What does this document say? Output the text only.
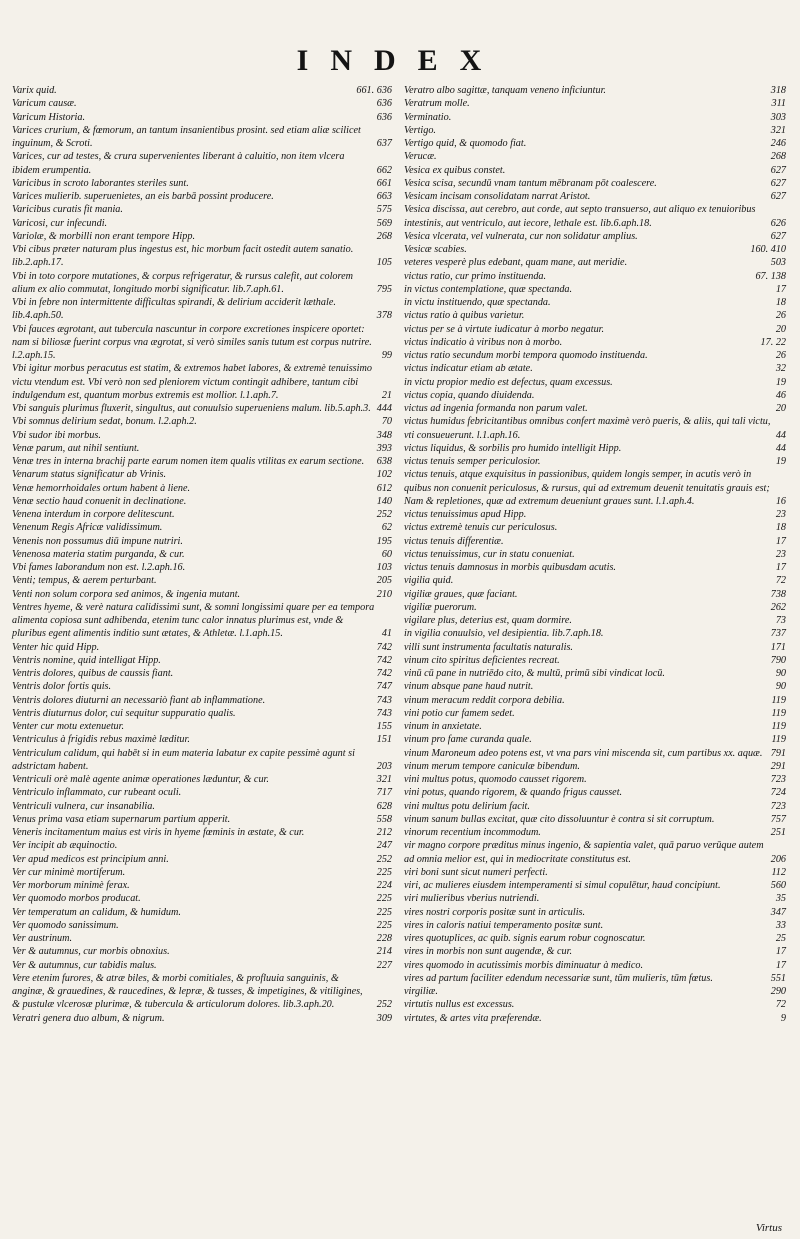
INDEX
Varix quid.	661. 636
Varicum causæ.	636
Varicum Historia.	636
Varices crurium, & fœmorum, an tantum insanientibus prosint. sed etiam aliæ scilicet inguinum, & Scroti.	637
Varices, cur ad testes, & crura supervenientes liberant à caluitio, non item vlcera ibidem erumpentia.	662
Varicibus in scroto laborantes steriles sunt.	661
Varices mulierib. superuenietes, an eis barbā possint producere.	663
Varicibus curatis fit mania.	575
Varicosi, cur infecundi.	569
Variolæ, & morbilli non erant tempore Hipp.	268
Vbi cibus præter naturam plus ingestus est, hic morbum facit ostedit autem sanatio. lib.2.aph.17.	105
Vbi in toto corpore mutationes, & corpus refrigeratur, & rursus calefit, aut colorem alium ex alio commutat, longitudo morbi significatur. lib.7.aph.61.	795
Vbi in febre non intermittente difficultas spirandi, & delirium acciderit læthale. lib.4.aph.50.	378
Vbi fauces ægrotant, aut tubercula nascuntur in corpore excretiones inspicere oportet: nam si biliosæ fuerint corpus vna ægrotat, si verò similes sanis tutum est corpus nutrire. l.2.aph.15.	99
Vbi igitur morbus peracutus est statim, & extremos habet labores, & extremè tenuissimo victu vtendum est. Vbi verò non sed pleniorem victum contingit adhibere, tantum cibi indulgendum est, quantum morbus extremis est mollior. l.1.aph.7.	21
Vbi sanguis plurimus fluxerit, singultus, aut conuulsio superueniens malum. lib.5.aph.3. 444
Vbi somnus delirium sedat, bonum. l.2.aph.2.	70
Vbi sudor ibi morbus.	348
Venæ parum, aut nihil sentiunt.	393
Venæ tres in interna brachij parte earum nomen item qualis vtilitas ex earum sectione.	638
Venarum status significatur ab Vrinis.	102
Venæ hemorrhoidales ortum habent à liene.	612
Venæ sectio haud conuenit in declinatione.	140
Venena interdum in corpore delitescunt.	252
Venenum Regis Africæ validissimum.	62
Venenis non possumus diū impune nutriri.	195
Venenosa materia statim purganda, & cur.	60
Vbi fames laborandum non est. l.2.aph.16.	103
Venti; tempus, & aerem perturbant.	205
Venti non solum corpora sed animos, & ingenia mutant.	210
Ventres hyeme, & verè natura calidissimi sunt, & somni longissimi quare per ea tempora alimenta copiosa sunt adhibenda, etenim tunc calor innatus plurimus est, vnde & pluribus egent alimentis inditio sunt ætates, & Athletæ. l.1.aph.15.	41
Venter hic quid Hipp.	742
Ventris nomine, quid intelligat Hipp.	742
Ventris dolores, quibus de caussis fiant.	742
Ventris dolor fortis quis.	747
Ventris dolores diuturni an necessariò fiant ab inflammatione.	743
Ventris diuturnus dolor, cui sequitur suppuratio qualis.	743
Venter cur motu extenuetur.	155
Ventriculus à frigidis rebus maximè læditur.	151
Ventriculum calidum, qui habēt si in eum materia labatur ex capite pessimè agunt si adstrictam habent.	203
Ventriculi orè malè agente animæ operationes læduntur, & cur.	321
Ventriculo inflammato, cur rubeant oculi.	717
Ventriculi vulnera, cur insanabilia.	628
Venus prima vasa etiam supernarum partium apperit.	558
Veneris incitamentum maius est viris in hyeme fœminis in æstate, & cur.	212
Ver incipit ab æquinoctio.	247
Ver apud medicos est principium anni.	252
Ver cur minimè mortiferum.	225
Ver morborum minimè ferax.	224
Ver quomodo morbos producat.	225
Ver temperatum an calidum, & humidum.	225
Ver quomodo sanissimum.	225
Ver austrinum.	228
Ver & autumnus, cur morbis obnoxius.	214
Ver & autumnus, cur tabidis malus.	227
Vere etenim furores, & atræ biles, & morbi comitiales, & profluuia sanguinis, & anginæ, & grauedines, & raucedines, & lepræ, & tusses, & impetigines, & vitiligines, & pustulæ vlcerosæ plurimæ, & tubercula & articulorum dolores. lib.3.aph.20.	252
Veratri genera duo album, & nigrum.	309
Veratro albo sagittæ, tanquam veneno inficiuntur.	318
Veratrum molle.	311
Verminatio.	303
Vertigo.	321
Vertigo quid, & quomodo fiat.	246
Verucæ.	268
Vesica ex quibus constet.	627
Vesica scisa, secundū vnam tantum mēbranam pōt coalescere.	627
Vesicam incisam consolidatam narrat Aristot.	627
Vesica discissa, aut cerebro, aut corde, aut septo transuerso, aut aliquo ex tenuioribus intestinis, aut ventriculo, aut iecore, lethale est. lib.6.aph.18.	626
Vesica vlcerata, vel vulnerata, cur non solidatur amplius.	627
Vesicæ scabies.	160. 410
veteres vesperè plus edebant, quam mane, aut meridie.	503
victus ratio, cur primo instituenda.	67. 138
in victus contemplatione, quæ spectanda.	17
in victu instituendo, quæ spectanda.	18
victus ratio à quibus varietur.	26
victus per se à virtute iudicatur à morbo negatur.	20
victus indicatio à viribus non à morbo.	17. 22
victus ratio secundum morbi tempora quomodo instituenda.	26
victus indicatur etiam ab ætate.	32
in victu propior medio est defectus, quam excessus.	19
victus copia, quando diuidenda.	46
victus ad ingenia formanda non parum valet.	20
victus humidus febricitantibus omnibus confert maximè verò pueris, & aliis, qui tali victu, vti consueuerunt. l.1.aph.16.	44
victus liquidus, & sorbilis pro humido intelligit Hipp.	44
victus tenuis semper periculosior.	19
victus tenuis, atque exquisitus in passionibus, quidem longis semper, in acutis verò in quibus non conuenit periculosus, & rursus, qui ad extremum deuenit tenuitatis grauis est; Nam & repletiones, quæ ad extremum deueniunt graues sunt. l.1.aph.4.	16
victus tenuissimus apud Hipp.	23
victus extremè tenuis cur periculosus.	18
victus tenuis differentiæ.	17
victus tenuissimus, cur in statu conueniat.	23
victus tenuis damnosus in morbis quibusdam acutis.	17
vigilia quid.	72
vigiliæ graues, quæ faciant.	738
vigiliæ puerorum.	262
vigilare plus, deterius est, quam dormire.	73
in vigilia conuulsio, vel desipientia. lib.7.aph.18.	737
villi sunt instrumenta facultatis naturalis.	171
vinum cito spiritus deficientes recreat.	790
vinū cū pane in nutriēdo cito, & multū, primū sibi vindicat locū.	90
vinum absque pane haud nutrit.	90
vinum meracum reddit corpora debilia.	119
vini potio cur famem sedet.	119
vinum in anxietate.	119
vinum pro fame curanda quale.	119
vinum Maroneum adeo potens est, vt vna pars vini miscenda sit, cum partibus xx. aquæ. 791
vinum merum tempore caniculæ bibendum.	291
vini multus potus, quomodo causset rigorem.	723
vini potus, quando rigorem, & quando frigus causset.	724
vini multus potu delirium facit.	723
vinum sanum bullas excitat, quæ cito dissoluuntur è contra si sit corruptum.	757
vinorum recentium incommodum.	251
vir magno corpore præditus minus ingenio, & sapientia valet, quā paruo verūque autem ad omnia melior est, qui in mediocritate constitutus est.	206
viri boni sunt sicut numeri perfecti.	112
viri, ac mulieres eiusdem intemperamenti si simul copulētur, haud concipiunt.	560
viri mulieribus vberius nutriendi.	35
vires nostri corporis positæ sunt in articulis.	347
vires in caloris natiui temperamento positæ sunt.	33
vires quotuplices, ac quib. signis earum robur cognoscatur.	25
vires in morbis non sunt augendæ, & cur.	17
vires quomodo in acutissimis morbis diminuatur à medico.	17
vires ad partum faciliter edendum necessariæ sunt, tūm mulieris, tūm fœtus.	551
virgiliæ.	290
virtutis nullus est excessus.	72
virtutes, & artes vita præferendæ.	9
Virtus
